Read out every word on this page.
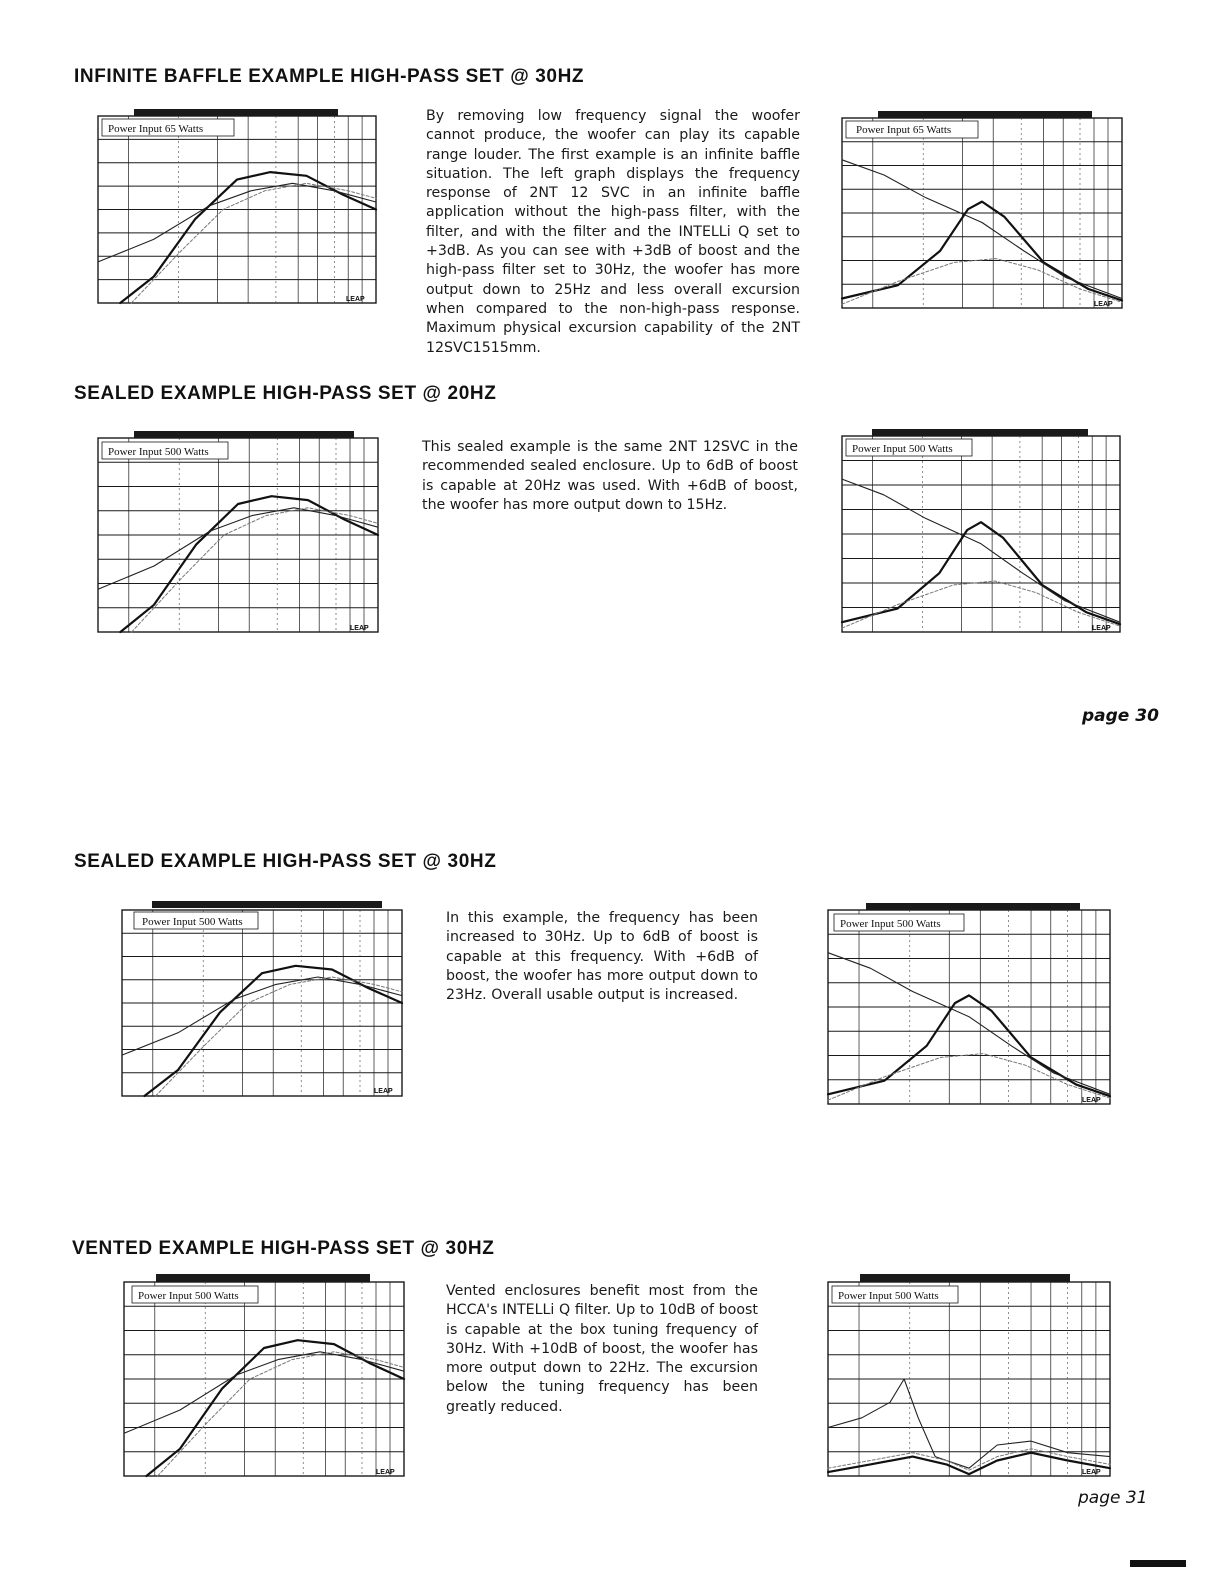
INFINITE BAFFLE EXAMPLE HIGH-PASS SET @ 30HZ
Power Input 65 Watts
LEAP

By removing low frequency signal the woofer cannot produce, the woofer can play its capable range louder. The first example is an infinite baffle situation. The left graph displays the frequency response of 2NT 12 SVC in an infinite baffle application without the high-pass filter, with the filter, and with the filter and the INTELLi Q set to +3dB. As you can see with +3dB of boost and the high-pass filter set to 30Hz, the woofer has more output down to 25Hz and less overall excursion when compared to the non-high-pass response. Maximum physical excursion capability of the 2NT 12SVC1515mm.

Power Input 65 Watts
LEAP
SEALED EXAMPLE HIGH-PASS SET @ 20HZ
Power Input 500 Watts
LEAP

This sealed example is the same 2NT 12SVC in the recommended sealed enclosure. Up to 6dB of boost is capable at 20Hz was used. With +6dB of boost, the woofer has more output down to 15Hz.

Power Input 500 Watts
LEAP

page 30

SEALED EXAMPLE HIGH-PASS SET @ 30HZ
Power Input 500 Watts
LEAP

In this example, the frequency has been increased to 30Hz. Up to 6dB of boost is capable at this frequency. With +6dB of boost, the woofer has more output down to 23Hz. Overall usable output is increased.

Power Input 500 Watts
LEAP
VENTED EXAMPLE HIGH-PASS SET @ 30HZ
Power Input 500 Watts
LEAP

Vented enclosures benefit most from the HCCA's INTELLi Q filter. Up to 10dB of boost is capable at the box tuning frequency of 30Hz. With +10dB of boost, the woofer has more output down to 22Hz. The excursion below the tuning frequency has been greatly reduced.

Power Input 500 Watts
LEAP

page 31
